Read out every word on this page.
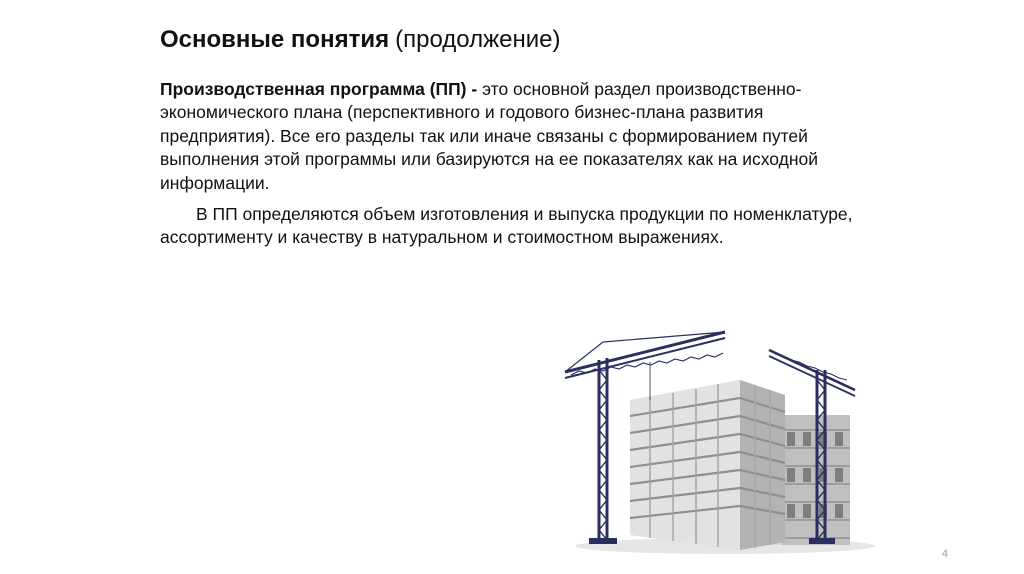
Основные понятия (продолжение)

Производственная программа (ПП) - это основной раздел производственно-экономического плана (перспективного и годового бизнес-плана развития предприятия). Все его разделы так или иначе связаны с формированием путей выполнения этой программы или базируются на ее показателях как на исходной информации.

В ПП определяются объем изготовления и выпуска продукции по номенклатуре, ассортименту и качеству в натуральном и стоимостном выражениях.

4
